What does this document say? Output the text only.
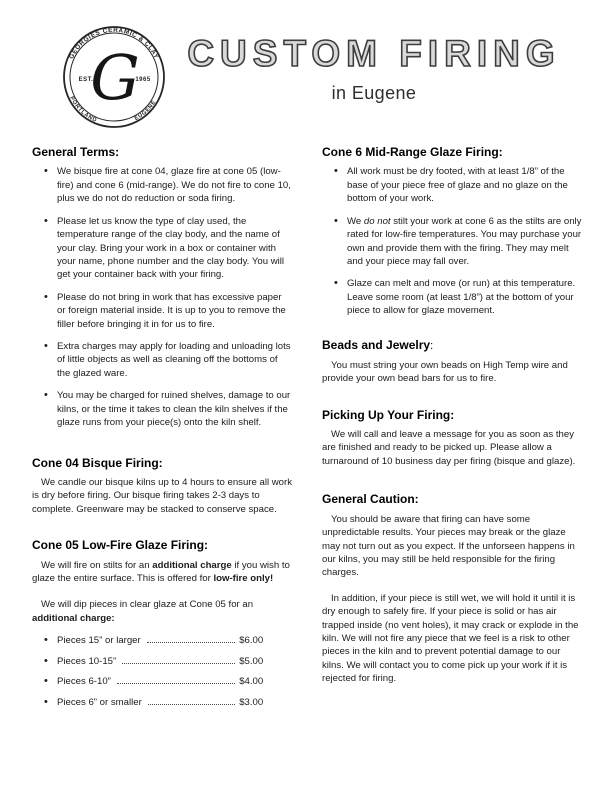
GEORGIES CERAMIC & CLAY
PORTLAND	EUGENE
EST.	1965
G	CUSTOM FIRING
in Eugene
General Terms:
• We bisque fire at cone 04, glaze fire at cone 05 (low-fire) and cone 6 (mid-range). We do not fire to cone 10, plus we do not do reduction or soda firing.
• Please let us know the type of clay used, the temperature range of the clay body, and the name of your clay. Bring your work in a box or container with your name, phone number and the clay body. You will get your container back with your firing.
• Please do not bring in work that has excessive paper or foreign material inside. It is up to you to remove the filler before bringing it in for us to fire.
• Extra charges may apply for loading and unloading lots of little objects as well as cleaning off the bottoms of the glazed ware.
• You may be charged for ruined shelves, damage to our kilns, or the time it takes to clean the kiln shelves if the glaze runs from your piece(s) onto the kiln shelf.
Cone 04 Bisque Firing:

We candle our bisque kilns up to 4 hours to ensure all work is dry before firing. Our bisque firing takes 2-3 days to complete. Greenware may be stacked to conserve space.

Cone 05 Low-Fire Glaze Firing:

We will fire on stilts for an additional charge if you wish to glaze the entire surface. This is offered for low-fire only!

We will dip pieces in clear glaze at Cone 05 for an additional charge:

• Pieces 15” or larger	$6.00
• Pieces 10-15”	$5.00
• Pieces 6-10”	$4.00
• Pieces 6” or smaller	$3.00
Cone 6 Mid-Range Glaze Firing:
• All work must be dry footed, with at least 1/8” of the base of your piece free of glaze and no glaze on the bottom of your work.
• We do not stilt your work at cone 6 as the stilts are only rated for low-fire temperatures. You may purchase your own and provide them with the firing. They may melt and your piece may fall over.
• Glaze can melt and move (or run) at this temperature. Leave some room (at least 1/8”) at the bottom of your piece to allow for glaze movement.
Beads and Jewelry:

You must string your own beads on High Temp wire and provide your own bead bars for us to fire.

Picking Up Your Firing:

We will call and leave a message for you as soon as they are finished and ready to be picked up. Please allow a turnaround of 10 business day per firing (bisque and glaze).

General Caution:

You should be aware that firing can have some unpredictable results. Your pieces may break or the glaze may not turn out as you expect. If the unforseen happens in our kilns, you may still be held responsible for the firing charges.

In addition, if your piece is still wet, we will hold it until it is dry enough to safely fire. If your piece is solid or has air trapped inside (no vent holes), it may crack or explode in the kiln. We will not fire any piece that we feel is a risk to other pieces in the kiln and to prevent potential damage to our kilns. We will contact you to come pick up your work if it is rejected for firing.
